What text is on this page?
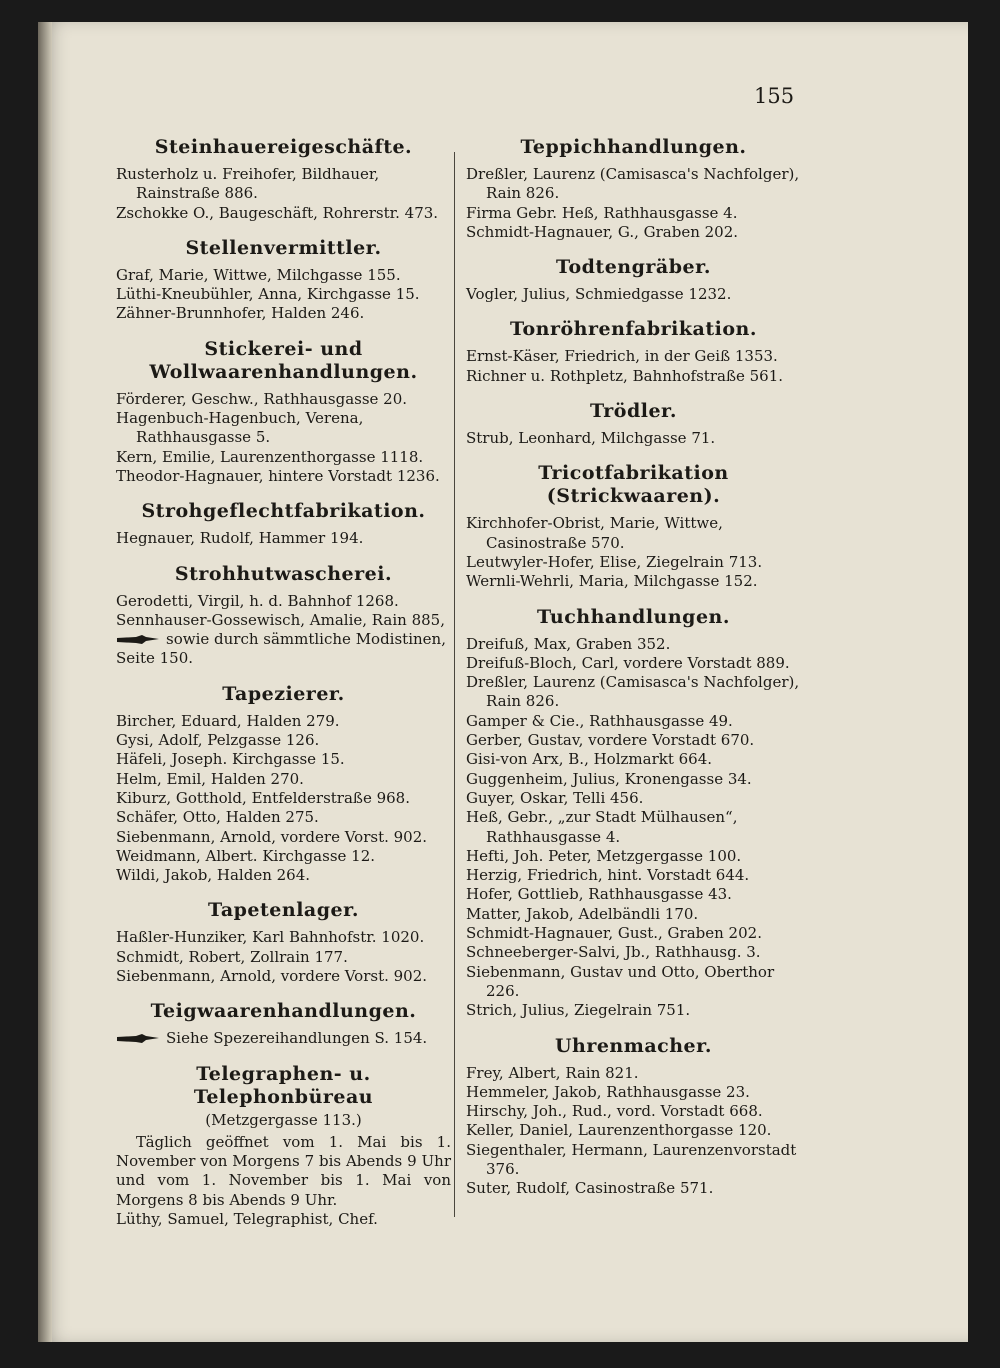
155
Steinhauereigeschäfte.
Rusterholz u. Freihofer, Bildhauer, Rainstraße 886.
Zschokke O., Baugeschäft, Rohrerstr. 473.
Stellenvermittler.
Graf, Marie, Wittwe, Milchgasse 155.
Lüthi-Kneubühler, Anna, Kirchgasse 15.
Zähner-Brunnhofer, Halden 246.
Stickerei- und Wollwaarenhandlungen.
Förderer, Geschw., Rathhausgasse 20.
Hagenbuch-Hagenbuch, Verena, Rathhausgasse 5.
Kern, Emilie, Laurenzenthorgasse 1118.
Theodor-Hagnauer, hintere Vorstadt 1236.
Strohgeflechtfabrikation.
Hegnauer, Rudolf, Hammer 194.
Strohhutwascherei.
Gerodetti, Virgil, h. d. Bahnhof 1268.
Sennhauser-Gossewisch, Amalie, Rain 885,
sowie durch sämmtliche Modistinen, Seite 150.
Tapezierer.
Bircher, Eduard, Halden 279.
Gysi, Adolf, Pelzgasse 126.
Häfeli, Joseph. Kirchgasse 15.
Helm, Emil, Halden 270.
Kiburz, Gotthold, Entfelderstraße 968.
Schäfer, Otto, Halden 275.
Siebenmann, Arnold, vordere Vorst. 902.
Weidmann, Albert. Kirchgasse 12.
Wildi, Jakob, Halden 264.
Tapetenlager.
Haßler-Hunziker, Karl Bahnhofstr. 1020.
Schmidt, Robert, Zollrain 177.
Siebenmann, Arnold, vordere Vorst. 902.
Teigwaarenhandlungen.
Siehe Spezereihandlungen S. 154.
Telegraphen- u. Telephonbüreau
(Metzgergasse 113.)
Täglich geöffnet vom 1. Mai bis 1. November von Morgens 7 bis Abends 9 Uhr und vom 1. November bis 1. Mai von Morgens 8 bis Abends 9 Uhr.
Lüthy, Samuel, Telegraphist, Chef.
Teppichhandlungen.
Dreßler, Laurenz (Camisasca's Nachfolger), Rain 826.
Firma Gebr. Heß, Rathhausgasse 4.
Schmidt-Hagnauer, G., Graben 202.
Todtengräber.
Vogler, Julius, Schmiedgasse 1232.
Tonröhrenfabrikation.
Ernst-Käser, Friedrich, in der Geiß 1353.
Richner u. Rothpletz, Bahnhofstraße 561.
Trödler.
Strub, Leonhard, Milchgasse 71.
Tricotfabrikation (Strickwaaren).
Kirchhofer-Obrist, Marie, Wittwe, Casinostraße 570.
Leutwyler-Hofer, Elise, Ziegelrain 713.
Wernli-Wehrli, Maria, Milchgasse 152.
Tuchhandlungen.
Dreifuß, Max, Graben 352.
Dreifuß-Bloch, Carl, vordere Vorstadt 889.
Dreßler, Laurenz (Camisasca's Nachfolger), Rain 826.
Gamper & Cie., Rathhausgasse 49.
Gerber, Gustav, vordere Vorstadt 670.
Gisi-von Arx, B., Holzmarkt 664.
Guggenheim, Julius, Kronengasse 34.
Guyer, Oskar, Telli 456.
Heß, Gebr., „zur Stadt Mülhausen“, Rathhausgasse 4.
Hefti, Joh. Peter, Metzgergasse 100.
Herzig, Friedrich, hint. Vorstadt 644.
Hofer, Gottlieb, Rathhausgasse 43.
Matter, Jakob, Adelbändli 170.
Schmidt-Hagnauer, Gust., Graben 202.
Schneeberger-Salvi, Jb., Rathhausg. 3.
Siebenmann, Gustav und Otto, Oberthor 226.
Strich, Julius, Ziegelrain 751.
Uhrenmacher.
Frey, Albert, Rain 821.
Hemmeler, Jakob, Rathhausgasse 23.
Hirschy, Joh., Rud., vord. Vorstadt 668.
Keller, Daniel, Laurenzenthorgasse 120.
Siegenthaler, Hermann, Laurenzenvorstadt 376.
Suter, Rudolf, Casinostraße 571.
